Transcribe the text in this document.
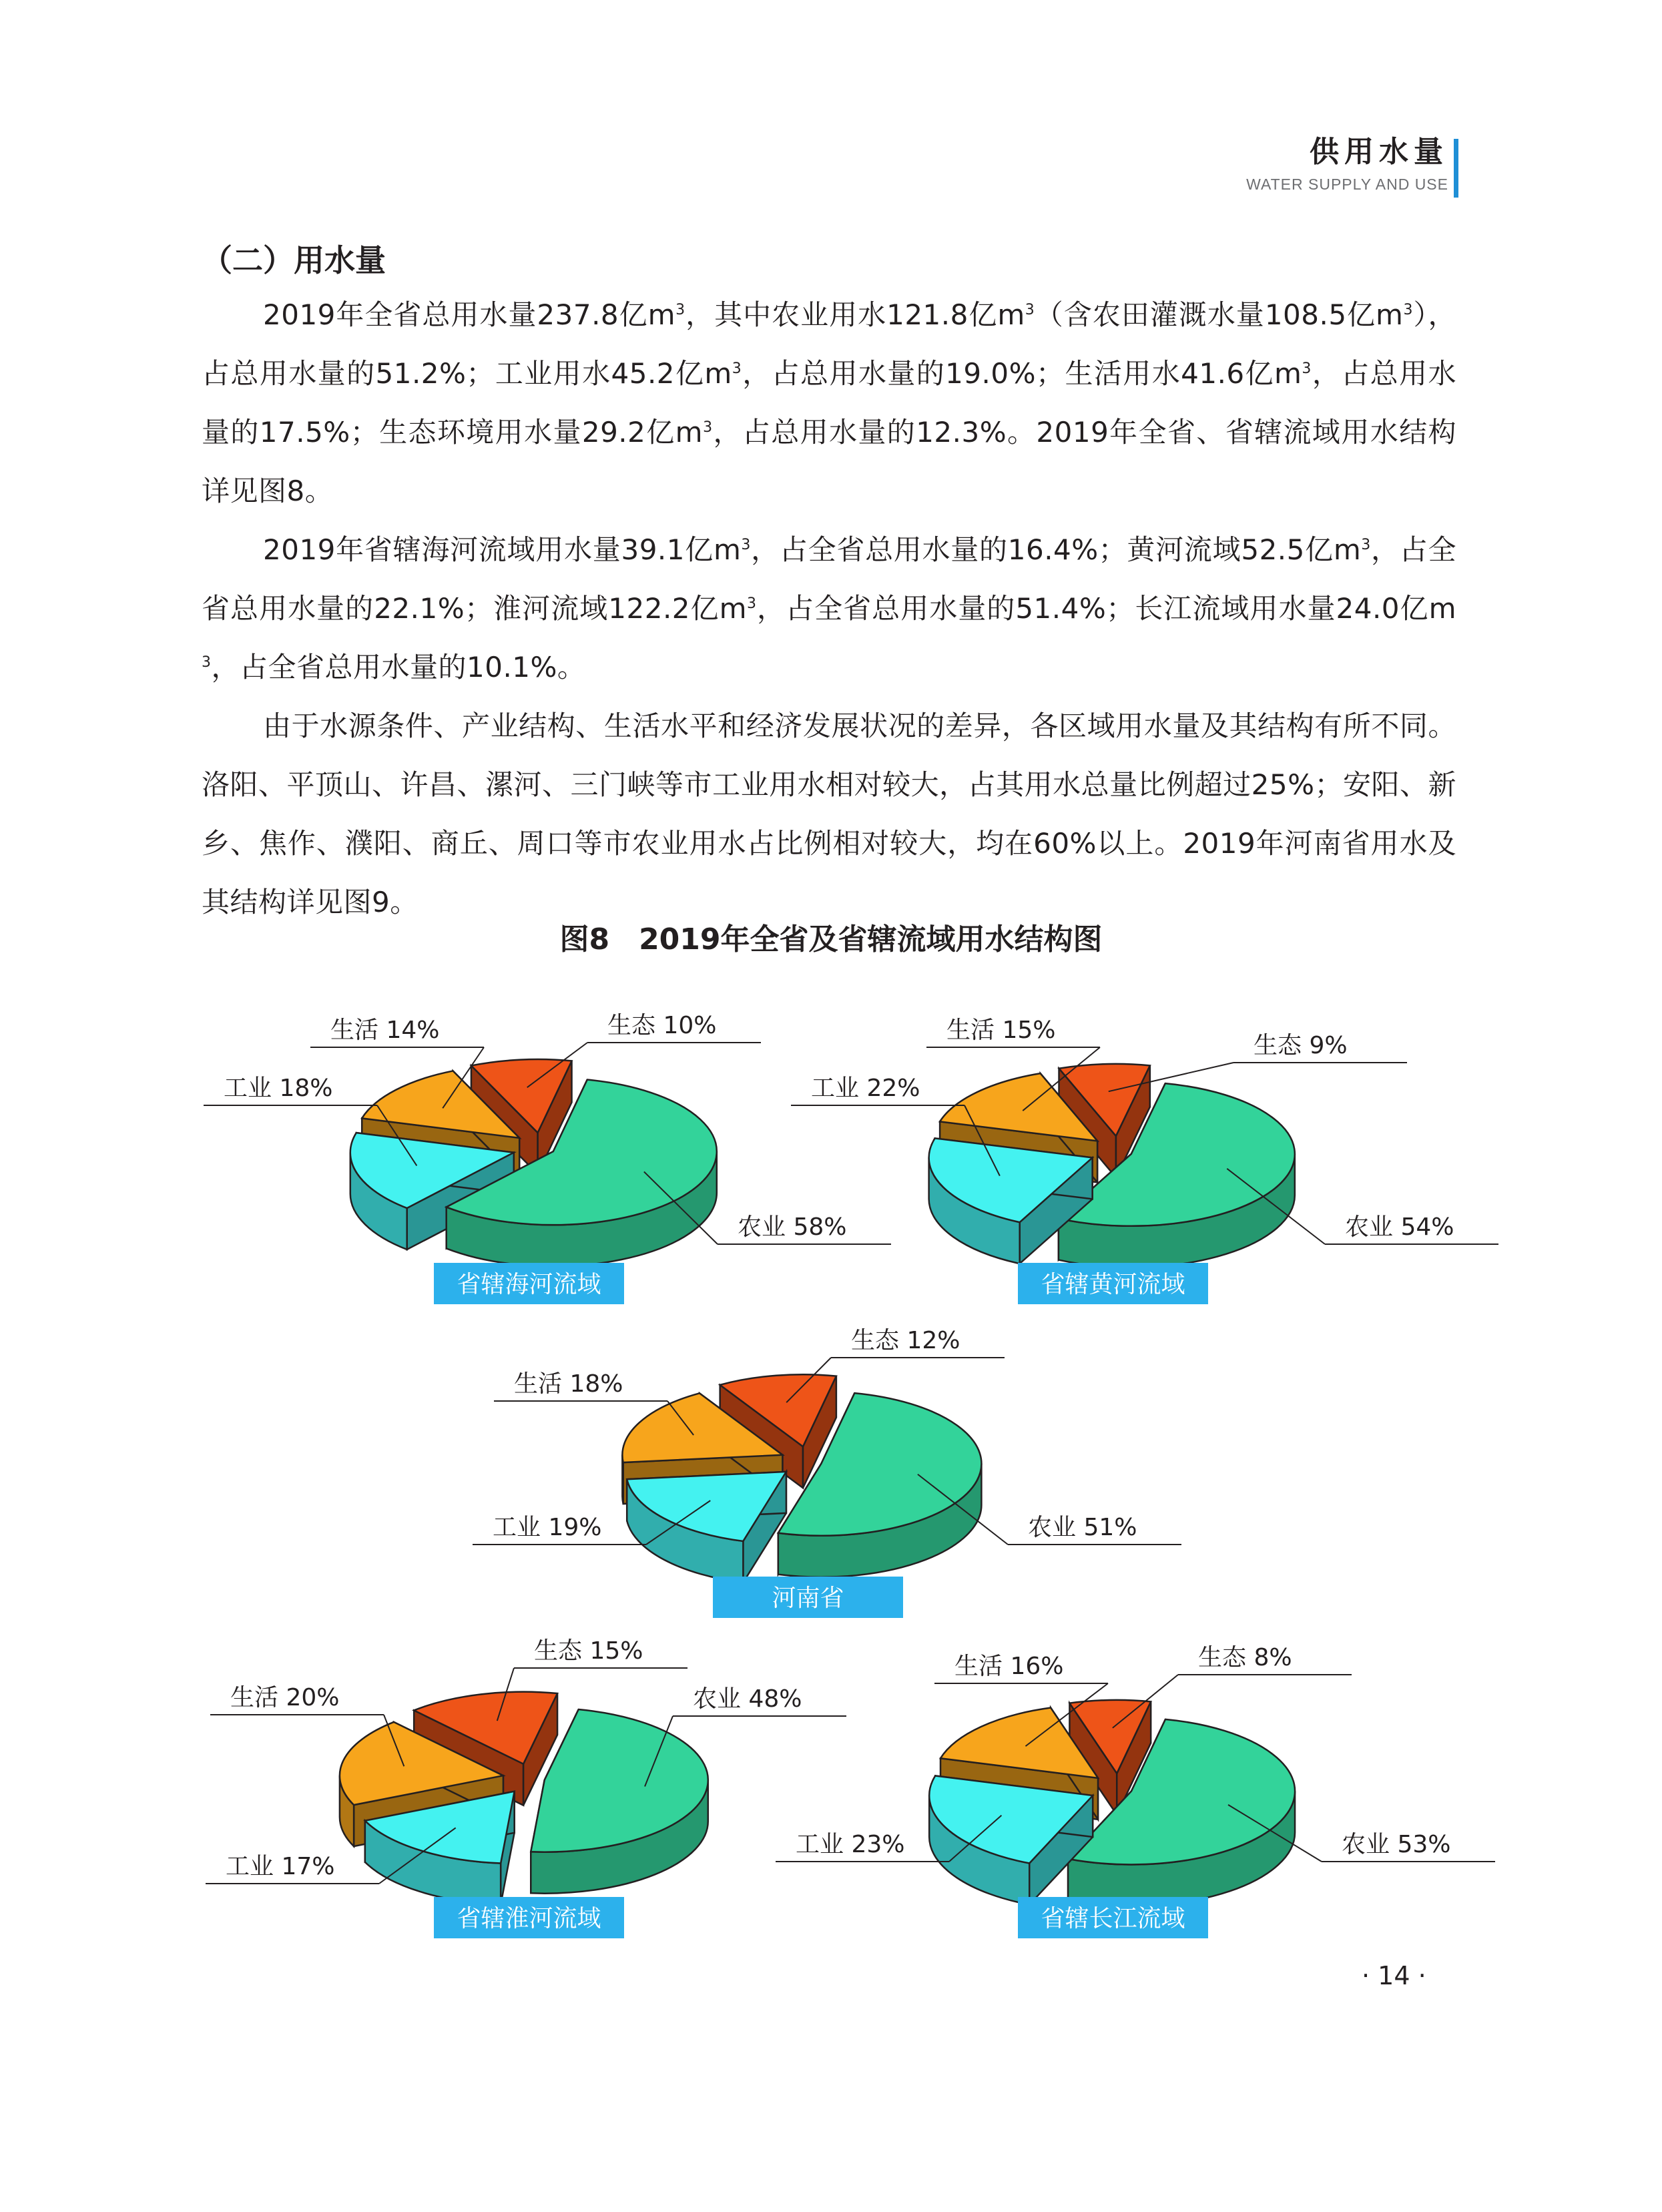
供用水量
WATER SUPPLY AND USE
（二）用水量

2019年全省总用水量237.8亿$m^3$，其中农业用水121.8亿$m^3$（含农田灌溉水量108.5亿$m^3$），占总用水量的51.2%；工业用水45.2亿$m^3$，占总用水量的19.0%；生活用水41.6亿$m^3$，占总用水量的17.5%；生态环境用水量29.2亿$m^3$，占总用水量的12.3%。2019年全省、省辖流域用水结构详见图8。

2019年省辖海河流域用水量39.1亿$m^3$，占全省总用水量的16.4%；黄河流域52.5亿$m^3$，占全省总用水量的22.1%；淮河流域122.2亿$m^3$，占全省总用水量的51.4%；长江流域用水量24.0亿$m^3$，占全省总用水量的10.1%。

由于水源条件、产业结构、生活水平和经济发展状况的差异，各区域用水量及其结构有所不同。洛阳、平顶山、许昌、漯河、三门峡等市工业用水相对较大，占其用水总量比例超过25%；安阳、新乡、焦作、濮阳、商丘、周口等市农业用水占比例相对较大，均在60%以上。2019年河南省用水及其结构详见图9。

图8　2019年全省及省辖流域用水结构图
农业 58%
工业 18%
生活 14%	生态 10%
省辖海河流域
农业 54%
工业 22%
生活 15%
生态 9%
省辖黄河流域
农业 51%
工业 19%
生活 18%
生态 12%
河南省
农业 48%
工业 17%
生活 20%
生态 15%
省辖淮河流域
农业 53%
工业 23%
生活 16%	生态 8%
省辖长江流域
· 14 ·
